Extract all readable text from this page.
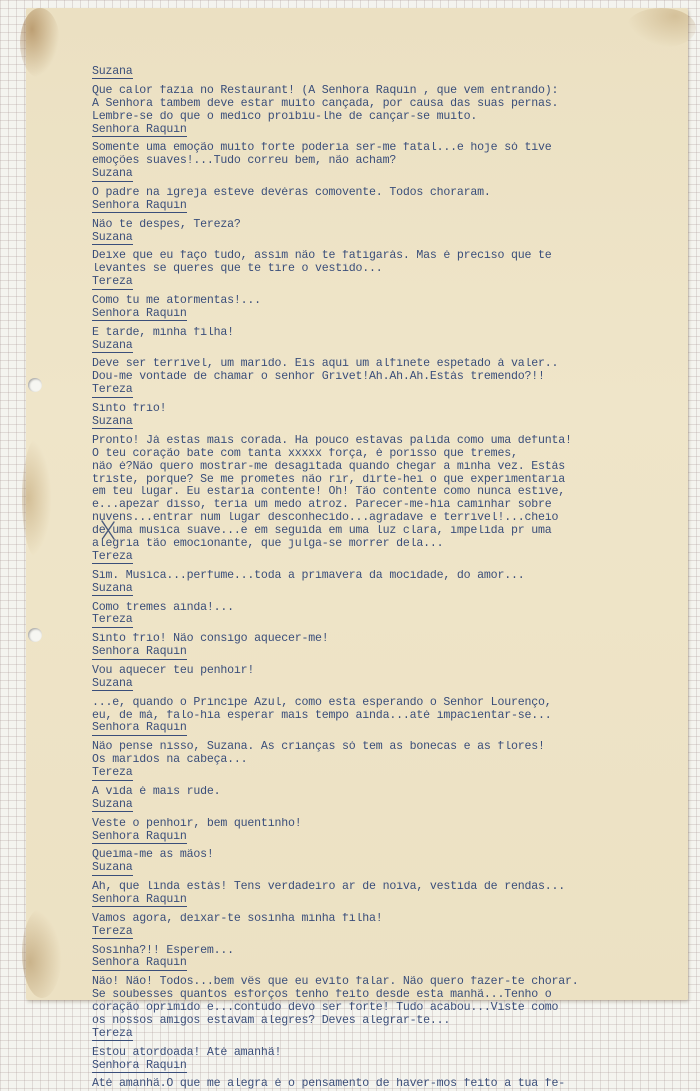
Suzana
Que calor fazia no Restaurant! (A Senhora Raquin , que vem entrando):
A Senhora tambem deve estar muito cançada, por causa das suas pernas.
Lembre-se do que o medico proibiu-lhe de cançar-se muito.
Senhora Raquin
Somente uma emoção muito forte poderia ser-me fatal...e hoje só tive
emoções suaves!...Tudo correu bem, não acham?
Suzana
O padre na igreja esteve devéras comovente. Todos choraram.
Senhora Raquin
Não te despes, Tereza?
Suzana
Deixe que eu faço tudo, assim não te fatigarás. Mas é preciso que te
levantes se queres que te tire o vestido...
Tereza
Como tu me atormentas!...
Senhora Raquin
E tarde, minha filha!
Suzana
Deve ser terrivel, um marido. Eis aqui um alfinete espetado á valer..
Dou-me vontade de chamar o senhor Grivet!Ah.Ah.Ah.Estás tremendo?!!
Tereza
Sinto frio!
Suzana
Pronto! Já estas mais corada. Ha pouco estavas palida como uma defunta!
O teu coração bate com tanta xxxxx força, é porisso que tremes,
não é?Não quero mostrar-me desagitada quando chegar a minha vez. Estás
triste, porque? Se me prometes não rir, dirte-hei o que experimentaria
em teu lugar. Eu estaria contente! Oh! Tão contente como nunca estive,
e...apezar disso, teria um medo atroz. Parecer-me-hia caminhar sobre
nuvens...entrar num lugar desconhecido...agradave e terrivel!...cheio
de uma musica suave...e em seguida em uma luz clara, impelida pr uma
alegria tão emocionante, que julga-se morrer dela...
Tereza
Sim. Musica...perfume...toda a primavera da mocidade, do amor...
Suzana
Como tremes ainda!...
Tereza
Sinto frio! Não consigo aquecer-me!
Senhora Raquin
Vou aquecer teu penhoir!
Suzana
...e, quando o Principe Azul, como esta esperando o Senhor Lourenço,
eu, de má, falo-hia esperar mais tempo ainda...até impacientar-se...
Senhora Raquin
Não pense nisso, Suzana. As crianças só tem as bonecas e as flores!
Os maridos na cabeça...
Tereza
A vida é mais rude.
Suzana
Veste o penhoir, bem quentinho!
Senhora Raquin
Queima-me as mãos!
Suzana
Ah, que linda estás! Tens verdadeiro ar de noiva, vestida de rendas...
Senhora Raquin
Vamos agora, deixar-te sosinha minha filha!
Tereza
Sosinha?!! Esperem...
Senhora Raquin
Não! Não! Todos...bem vês que eu evito falar. Não quero fazer-te chorar.
Se soubesses quantos esforços tenho feito desde esta manhã...Tenho o
coração oprimido e...contudo devo ser forte! Tudo acabou...Viste como
os nossos amigos estavam alegres? Deves alegrar-te...
Tereza
Estou atordoada! Até amanhã!
Senhora Raquin
Até amanhã.O que me alegra é o pensamento de haver-mos feito a tua fe-
